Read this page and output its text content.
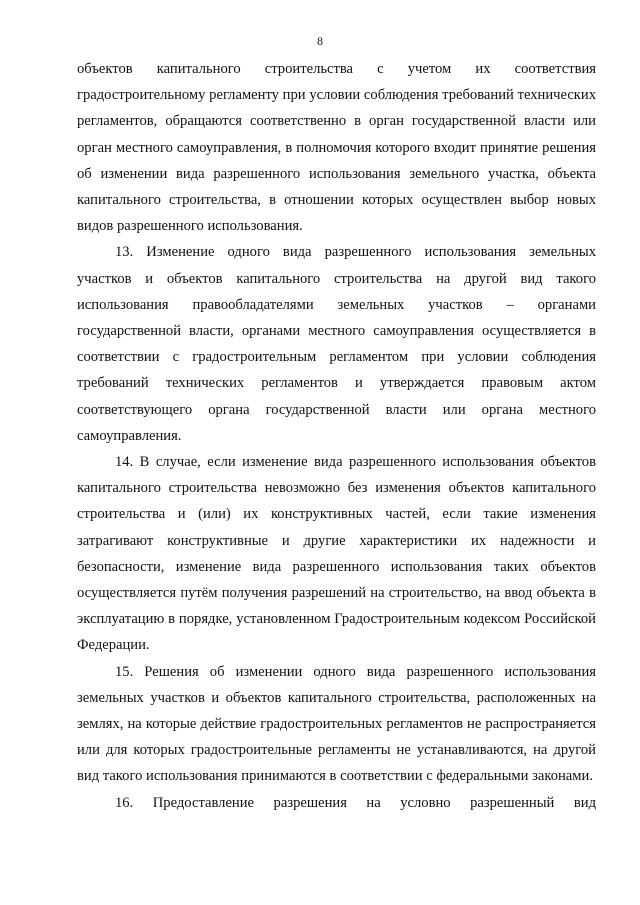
8

объектов капитального строительства с учетом их соответствия градостроительному регламенту при условии соблюдения требований технических регламентов, обращаются соответственно в орган государственной власти или орган местного самоуправления, в полномочия которого входит принятие решения об изменении вида разрешенного использования земельного участка, объекта капитального строительства, в отношении которых осуществлен выбор новых видов разрешенного использования.

13. Изменение одного вида разрешенного использования земельных участков и объектов капитального строительства на другой вид такого использования правообладателями земельных участков – органами государственной власти, органами местного самоуправления осуществляется в соответствии с градостроительным регламентом при условии соблюдения требований технических регламентов и утверждается правовым актом соответствующего органа государственной власти или органа местного самоуправления.

14. В случае, если изменение вида разрешенного использования объектов капитального строительства невозможно без изменения объектов капитального строительства и (или) их конструктивных частей, если такие изменения затрагивают конструктивные и другие характеристики их надежности и безопасности, изменение вида разрешенного использования таких объектов осуществляется путём получения разрешений на строительство, на ввод объекта в эксплуатацию в порядке, установленном Градостроительным кодексом Российской Федерации.

15. Решения об изменении одного вида разрешенного использования земельных участков и объектов капитального строительства, расположенных на землях, на которые действие градостроительных регламентов не распространяется или для которых градостроительные регламенты не устанавливаются, на другой вид такого использования принимаются в соответствии с федеральными законами.

16. Предоставление разрешения на условно разрешенный вид
